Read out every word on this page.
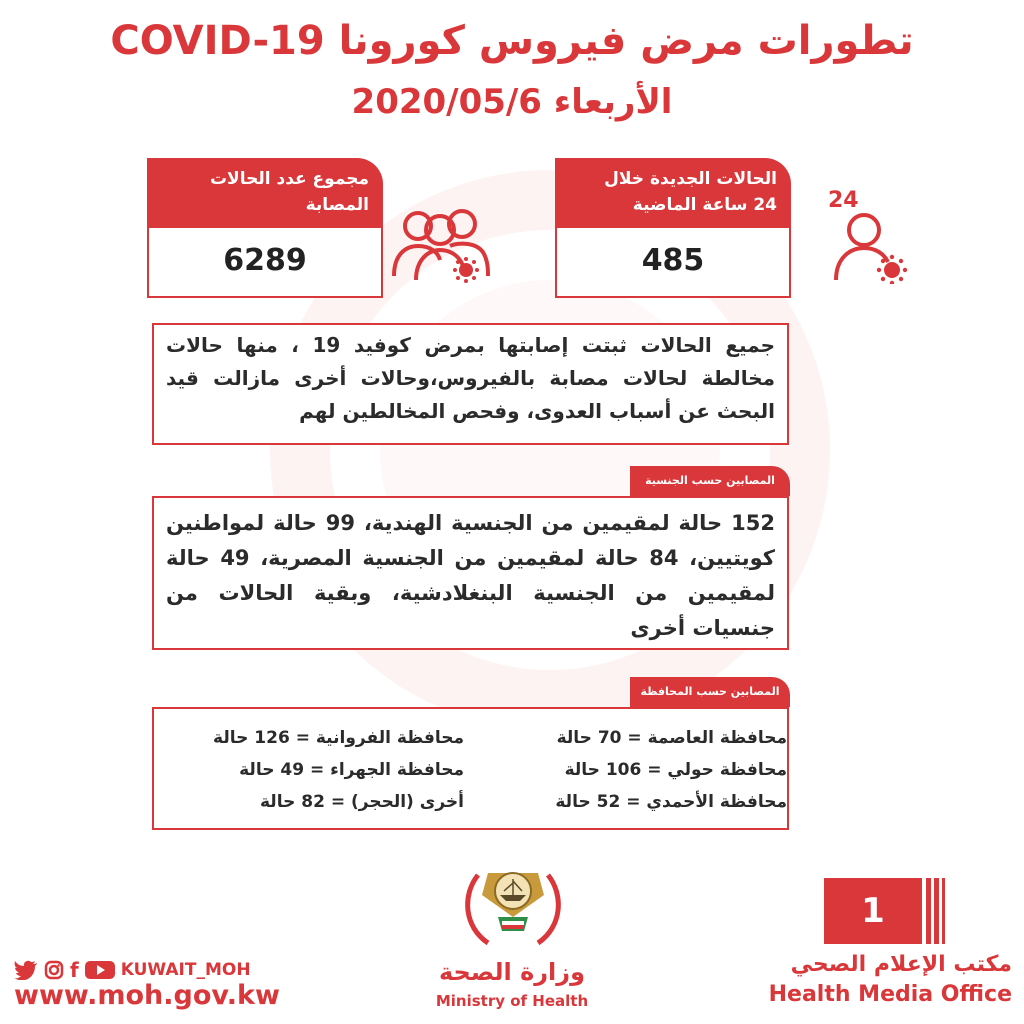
تطورات مرض فيروس كورونا COVID-19
الأربعاء 2020/05/6
مجموع عدد الحالات
المصابة
6289
الحالات الجديدة خلال
24 ساعة الماضية
485
24
جميع الحالات ثبتت إصابتها بمرض كوفيد 19 ، منها حالات مخالطة لحالات مصابة بالفيروس،وحالات أخرى مازالت قيد البحث عن أسباب العدوى، وفحص المخالطين لهم
المصابين حسب الجنسية
152 حالة لمقيمين من الجنسية الهندية، 99 حالة لمواطنين كويتيين، 84 حالة لمقيمين من الجنسية المصرية، 49 حالة لمقيمين من الجنسية البنغلادشية، وبقية الحالات من جنسيات أخرى
المصابين حسب المحافظة
محافظة العاصمة = 70 حالة
محافظة الفروانية = 126 حالة
محافظة حولي = 106 حالة
محافظة الجهراء = 49 حالة
محافظة الأحمدي = 52 حالة
أخرى (الحجر) = 82 حالة
f KUWAIT_MOH
www.moh.gov.kw
وزارة الصحة
Ministry of Health
1
مكتب الإعلام الصحي
Health Media Office
